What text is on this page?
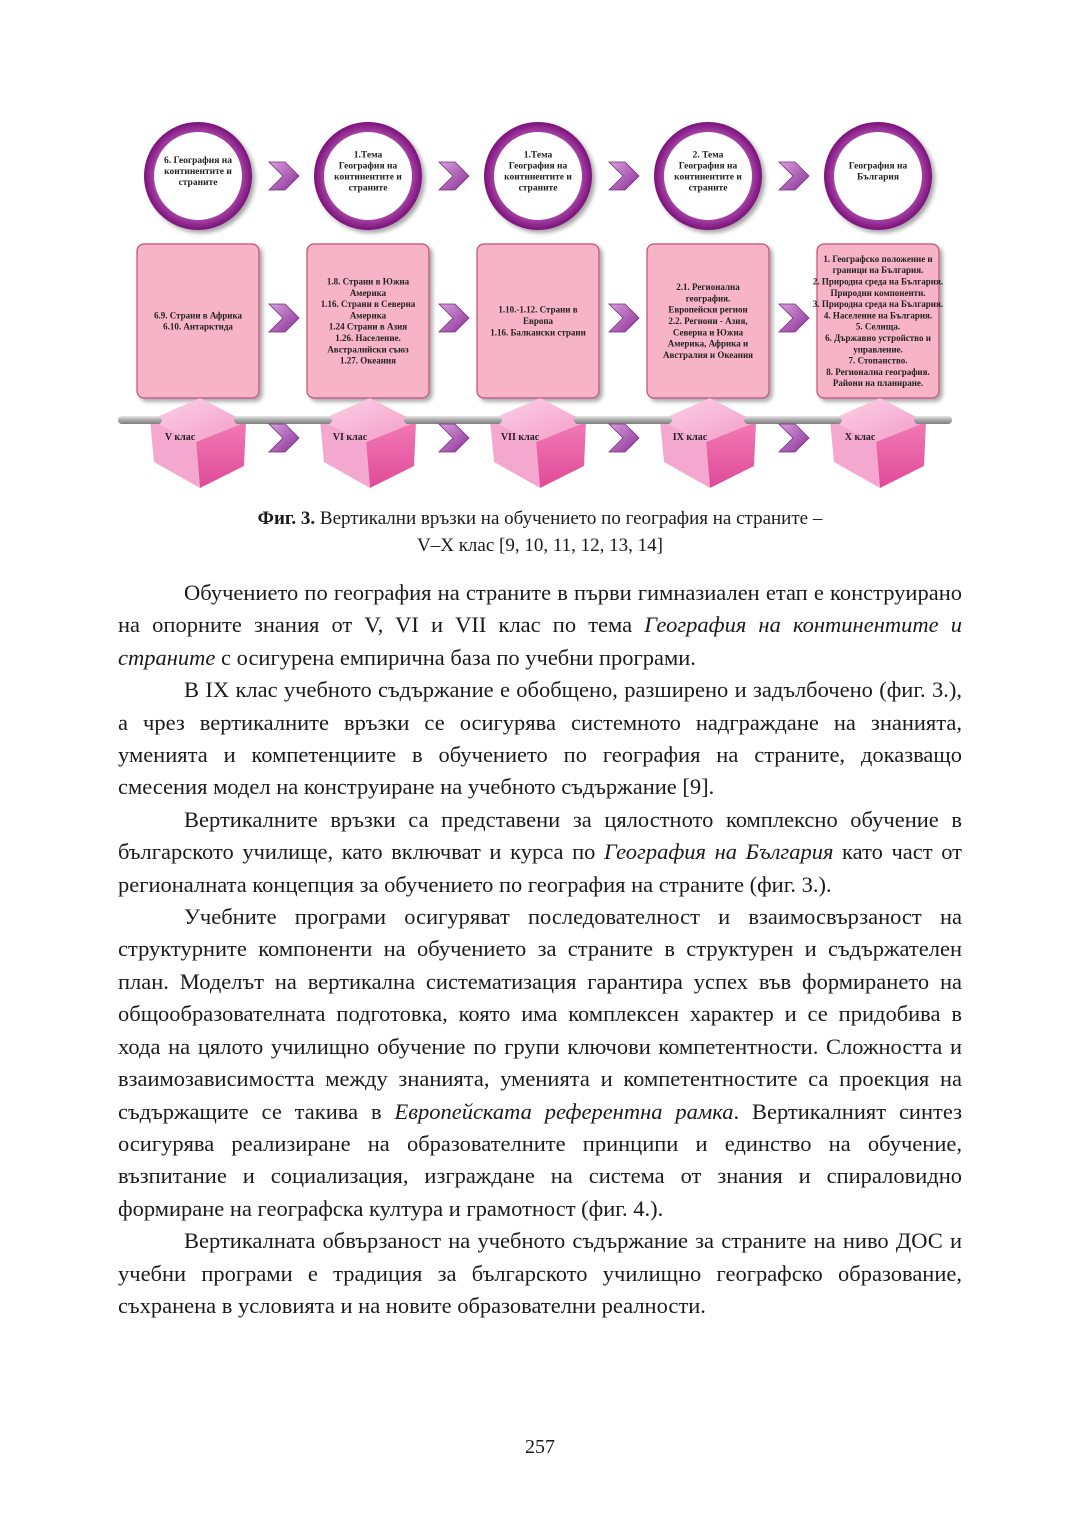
6. География на
континентите и
страните
6.9. Страни в Африка
6.10. Антарктида
V клас
1.Тема
География на
континентите и
страните
1.8. Страни в Южна
Америка
1.16. Страни в Северна
Америка
1.24 Страни в Азия
1.26. Население.
Австралийски съюз
1.27. Океания
VI клас
1.Тема
География на
континентите и
страните
1.10.-1.12. Страни в
Европа
1.16. Балкански страни
VII клас
2. Тема
География на
континентите и
страните
2.1. Регионална
география.
Европейски регион
2.2. Региони - Азия,
Северна и Южна
Америка, Африка и
Австралия и Океания
IX клас
География на
България
1. Географско положение и
граници на България.
2. Природна среда на България.
Природни компоненти.
3. Природна среда на България.
4. Население на България.
5. Селища.
6. Държавно устройство и
управление.
7. Стопанство.
8. Регионална география.
Райони на планиране.
X клас
Фиг. 3. Вертикални връзки на обучението по география на страните –
V–X клас [9, 10, 11, 12, 13, 14]

Обучението по география на страните в първи гимназиален етап е конструирано на опорните знания от V, VI и VII клас по тема География на континентите и страните с осигурена емпирична база по учебни програми.

В IX клас учебното съдържание е обобщено, разширено и задълбочено (фиг. 3.), а чрез вертикалните връзки се осигурява системното надграждане на знанията, уменията и компетенциите в обучението по география на страните, доказващо смесения модел на конструиране на учебното съдържание [9].

Вертикалните връзки са представени за цялостното комплексно обучение в българското училище, като включват и курса по География на България като част от регионалната концепция за обучението по география на страните (фиг. 3.).

Учебните програми осигуряват последователност и взаимосвързаност на структурните компоненти на обучението за страните в структурен и съдържателен план. Моделът на вертикална систематизация гарантира успех във формирането на общообразователната подготовка, която има комплексен характер и се придобива в хода на цялото училищно обучение по групи ключови компетентности. Сложността и взаимозависимостта между знанията, уменията и компетентностите са проекция на съдържащите се такива в Европейската референтна рамка. Вертикалният синтез осигурява реализиране на образователните принципи и единство на обучение, възпитание и социализация, изграждане на система от знания и спираловидно формиране на географска култура и грамотност (фиг. 4.).

Вертикалната обвързаност на учебното съдържание за страните на ниво ДОС и учебни програми е традиция за българското училищно географско образование, съхранена в условията и на новите образователни реалности.

257
